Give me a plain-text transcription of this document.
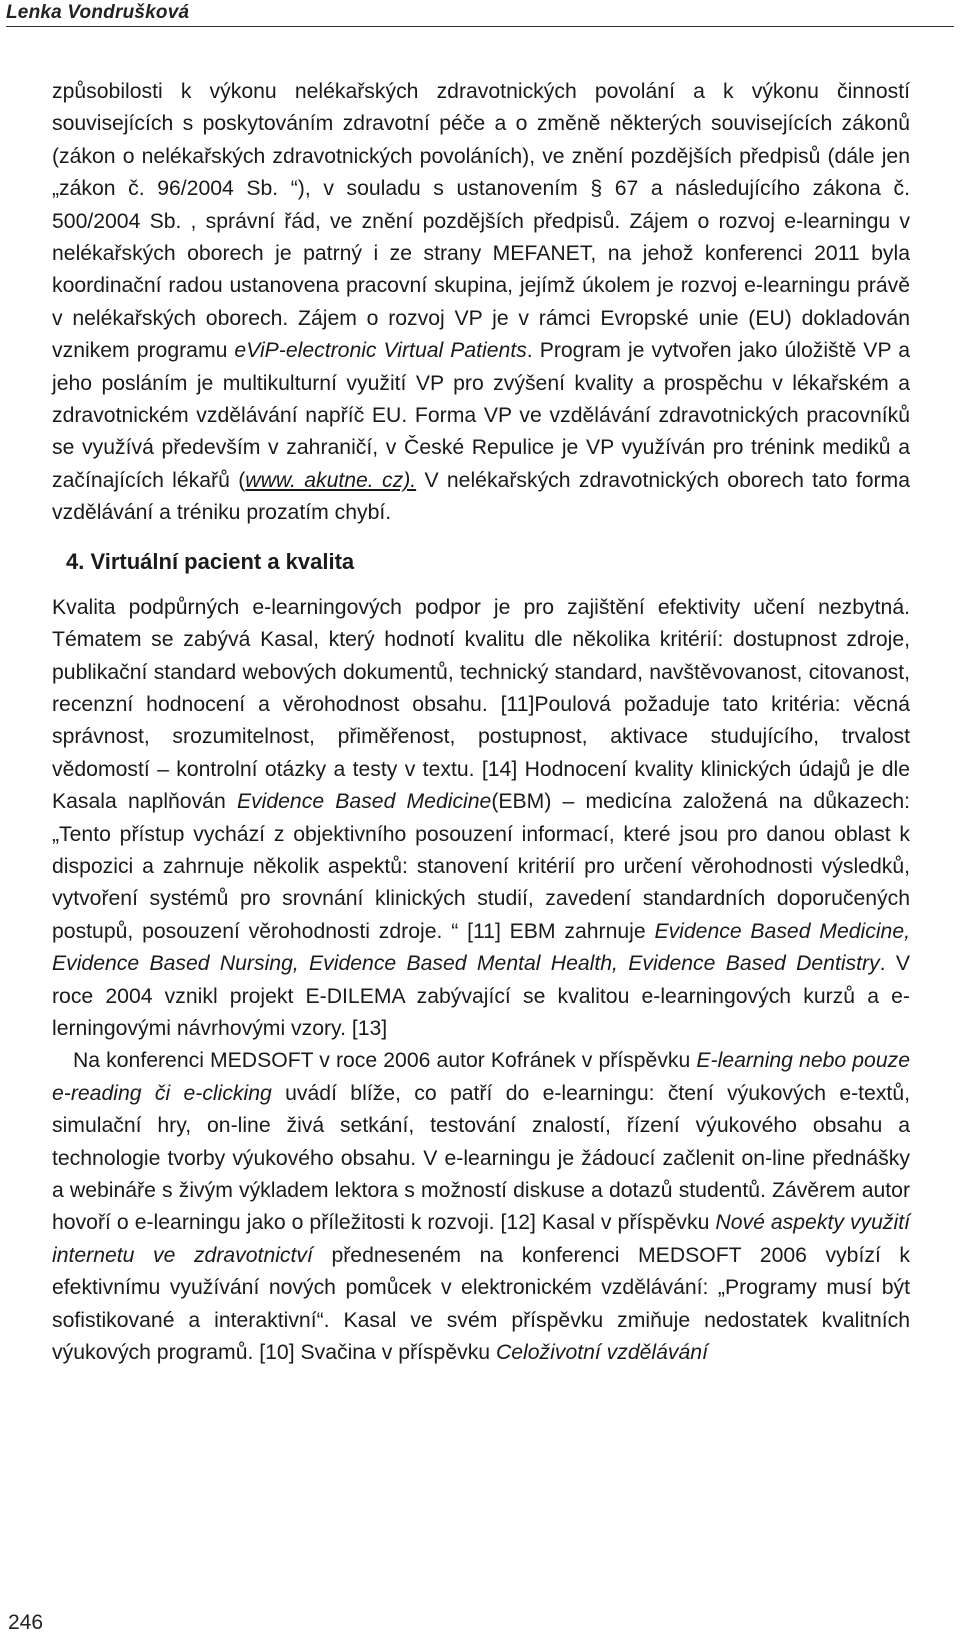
Lenka Vondrušková

způsobilosti k výkonu nelékařských zdravotnických povolání a k výkonu činností souvisejících s poskytováním zdravotní péče a o změně některých souvisejících zákonů (zákon o nelékařských zdravotnických povoláních), ve znění pozdějších předpisů (dále jen „zákon č. 96/2004 Sb. “), v souladu s ustanovením § 67 a následujícího zákona č. 500/2004 Sb. , správní řád, ve znění pozdějších předpisů. Zájem o rozvoj e-learningu v nelékařských oborech je patrný i ze strany MEFANET, na jehož konferenci 2011 byla koordinační radou ustanovena pracovní skupina, jejímž úkolem je rozvoj e-learningu právě v nelékařských oborech. Zájem o rozvoj VP je v rámci Evropské unie (EU) dokladován vznikem programu eViP-electronic Virtual Patients. Program je vytvořen jako úložiště VP a jeho posláním je multikulturní využití VP pro zvýšení kvality a prospěchu v lékařském a zdravotnickém vzdělávání napříč EU. Forma VP ve vzdělávání zdravotnických pracovníků se využívá především v zahraničí, v České Repulice je VP využíván pro trénink mediků a začínajících lékařů (www. akutne. cz). V nelékařských zdravotnických oborech tato forma vzdělávání a tréniku prozatím chybí.

4. Virtuální pacient a kvalita

Kvalita podpůrných e-learningových podpor je pro zajištění efektivity učení nezbytná. Tématem se zabývá Kasal, který hodnotí kvalitu dle několika kritérií: dostupnost zdroje, publikační standard webových dokumentů, technický standard, navštěvovanost, citovanost, recenzní hodnocení a věrohodnost obsahu. [11]Poulová požaduje tato kritéria: věcná správnost, srozumitelnost, přiměřenost, postupnost, aktivace studujícího, trvalost vědomostí – kontrolní otázky a testy v textu. [14] Hodnocení kvality klinických údajů je dle Kasala naplňován Evidence Based Medicine(EBM) – medicína založená na důkazech: „Tento přístup vychází z objektivního posouzení informací, které jsou pro danou oblast k dispozici a zahrnuje několik aspektů: stanovení kritérií pro určení věrohodnosti výsledků, vytvoření systémů pro srovnání klinických studií, zavedení standardních doporučených postupů, posouzení věrohodnosti zdroje. “ [11] EBM zahrnuje Evidence Based Medicine, Evidence Based Nursing, Evidence Based Mental Health, Evidence Based Dentistry. V roce 2004 vznikl projekt E-DILEMA zabývající se kvalitou e-learningových kurzů a e-lerningovými návrhovými vzory. [13]

Na konferenci MEDSOFT v roce 2006 autor Kofránek v příspěvku E-learning nebo pouze e-reading či e-clicking uvádí blíže, co patří do e-learningu: čtení výukových e-textů, simulační hry, on-line živá setkání, testování znalostí, řízení výukového obsahu a technologie tvorby výukového obsahu. V e-learningu je žádoucí začlenit on-line přednášky a webináře s živým výkladem lektora s možností diskuse a dotazů studentů. Závěrem autor hovoří o e-learningu jako o příležitosti k rozvoji. [12] Kasal v příspěvku Nové aspekty využití internetu ve zdravotnictví předneseném na konferenci MEDSOFT 2006 vybízí k efektivnímu využívání nových pomůcek v elektronickém vzdělávání: „Programy musí být sofistikované a interaktivní“. Kasal ve svém příspěvku zmiňuje nedostatek kvalitních výukových programů. [10] Svačina v příspěvku Celoživotní vzdělávání

246
